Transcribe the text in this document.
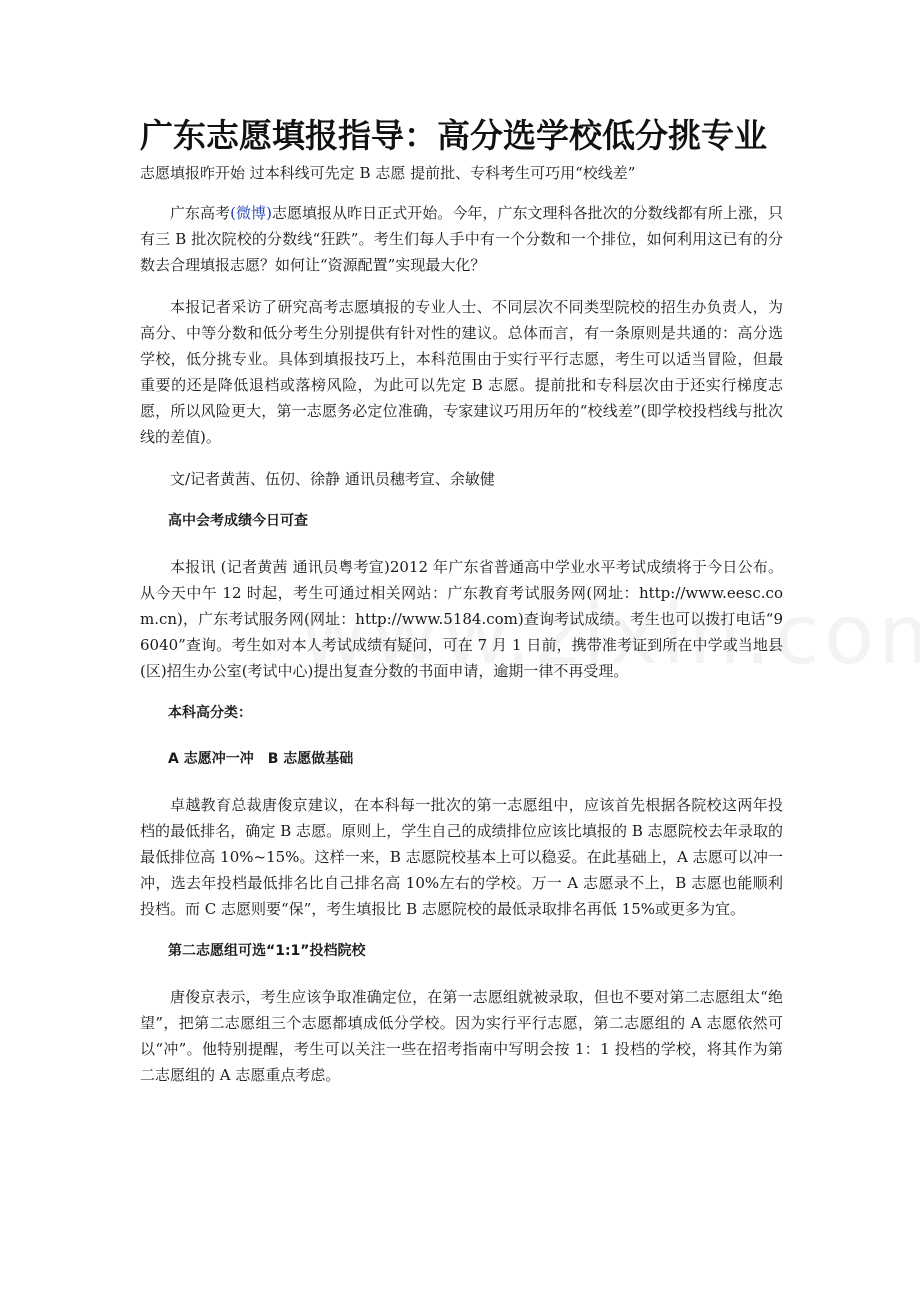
广东志愿填报指导：高分选学校低分挑专业
志愿填报昨开始 过本科线可先定 B 志愿 提前批、专科考生可巧用“校线差”

广东高考(微博)志愿填报从昨日正式开始。今年，广东文理科各批次的分数线都有所上涨，只有三 B 批次院校的分数线“狂跌”。考生们每人手中有一个分数和一个排位，如何利用这已有的分数去合理填报志愿？如何让“资源配置”实现最大化？

本报记者采访了研究高考志愿填报的专业人士、不同层次不同类型院校的招生办负责人，为高分、中等分数和低分考生分别提供有针对性的建议。总体而言，有一条原则是共通的：高分选学校，低分挑专业。具体到填报技巧上，本科范围由于实行平行志愿，考生可以适当冒险，但最重要的还是降低退档或落榜风险，为此可以先定 B 志愿。提前批和专科层次由于还实行梯度志愿，所以风险更大，第一志愿务必定位准确，专家建议巧用历年的“校线差”(即学校投档线与批次线的差值)。

文/记者黄茜、伍仞、徐静 通讯员穗考宣、余敏健

高中会考成绩今日可查

本报讯 (记者黄茜 通讯员粤考宣)2012 年广东省普通高中学业水平考试成绩将于今日公布。从今天中午 12 时起，考生可通过相关网站：广东教育考试服务网(网址：http://www.eesc.com.cn)，广东考试服务网(网址：http://www.5184.com)查询考试成绩。考生也可以拨打电话“96040”查询。考生如对本人考试成绩有疑问，可在 7 月 1 日前，携带准考证到所在中学或当地县(区)招生办公室(考试中心)提出复查分数的书面申请，逾期一律不再受理。

本科高分类：

A 志愿冲一冲　B 志愿做基础

卓越教育总裁唐俊京建议，在本科每一批次的第一志愿组中，应该首先根据各院校这两年投档的最低排名，确定 B 志愿。原则上，学生自己的成绩排位应该比填报的 B 志愿院校去年录取的最低排位高 10%~15%。这样一来，B 志愿院校基本上可以稳妥。在此基础上，A 志愿可以冲一冲，选去年投档最低排名比自己排名高 10%左右的学校。万一 A 志愿录不上，B 志愿也能顺利投档。而 C 志愿则要“保”，考生填报比 B 志愿院校的最低录取排名再低 15%或更多为宜。

第二志愿组可选“1:1”投档院校

唐俊京表示，考生应该争取准确定位，在第一志愿组就被录取，但也不要对第二志愿组太“绝望”，把第二志愿组三个志愿都填成低分学校。因为实行平行志愿，第二志愿组的 A 志愿依然可以“冲”。他特别提醒，考生可以关注一些在招考指南中写明会按 1：1 投档的学校，将其作为第二志愿组的 A 志愿重点考虑。
